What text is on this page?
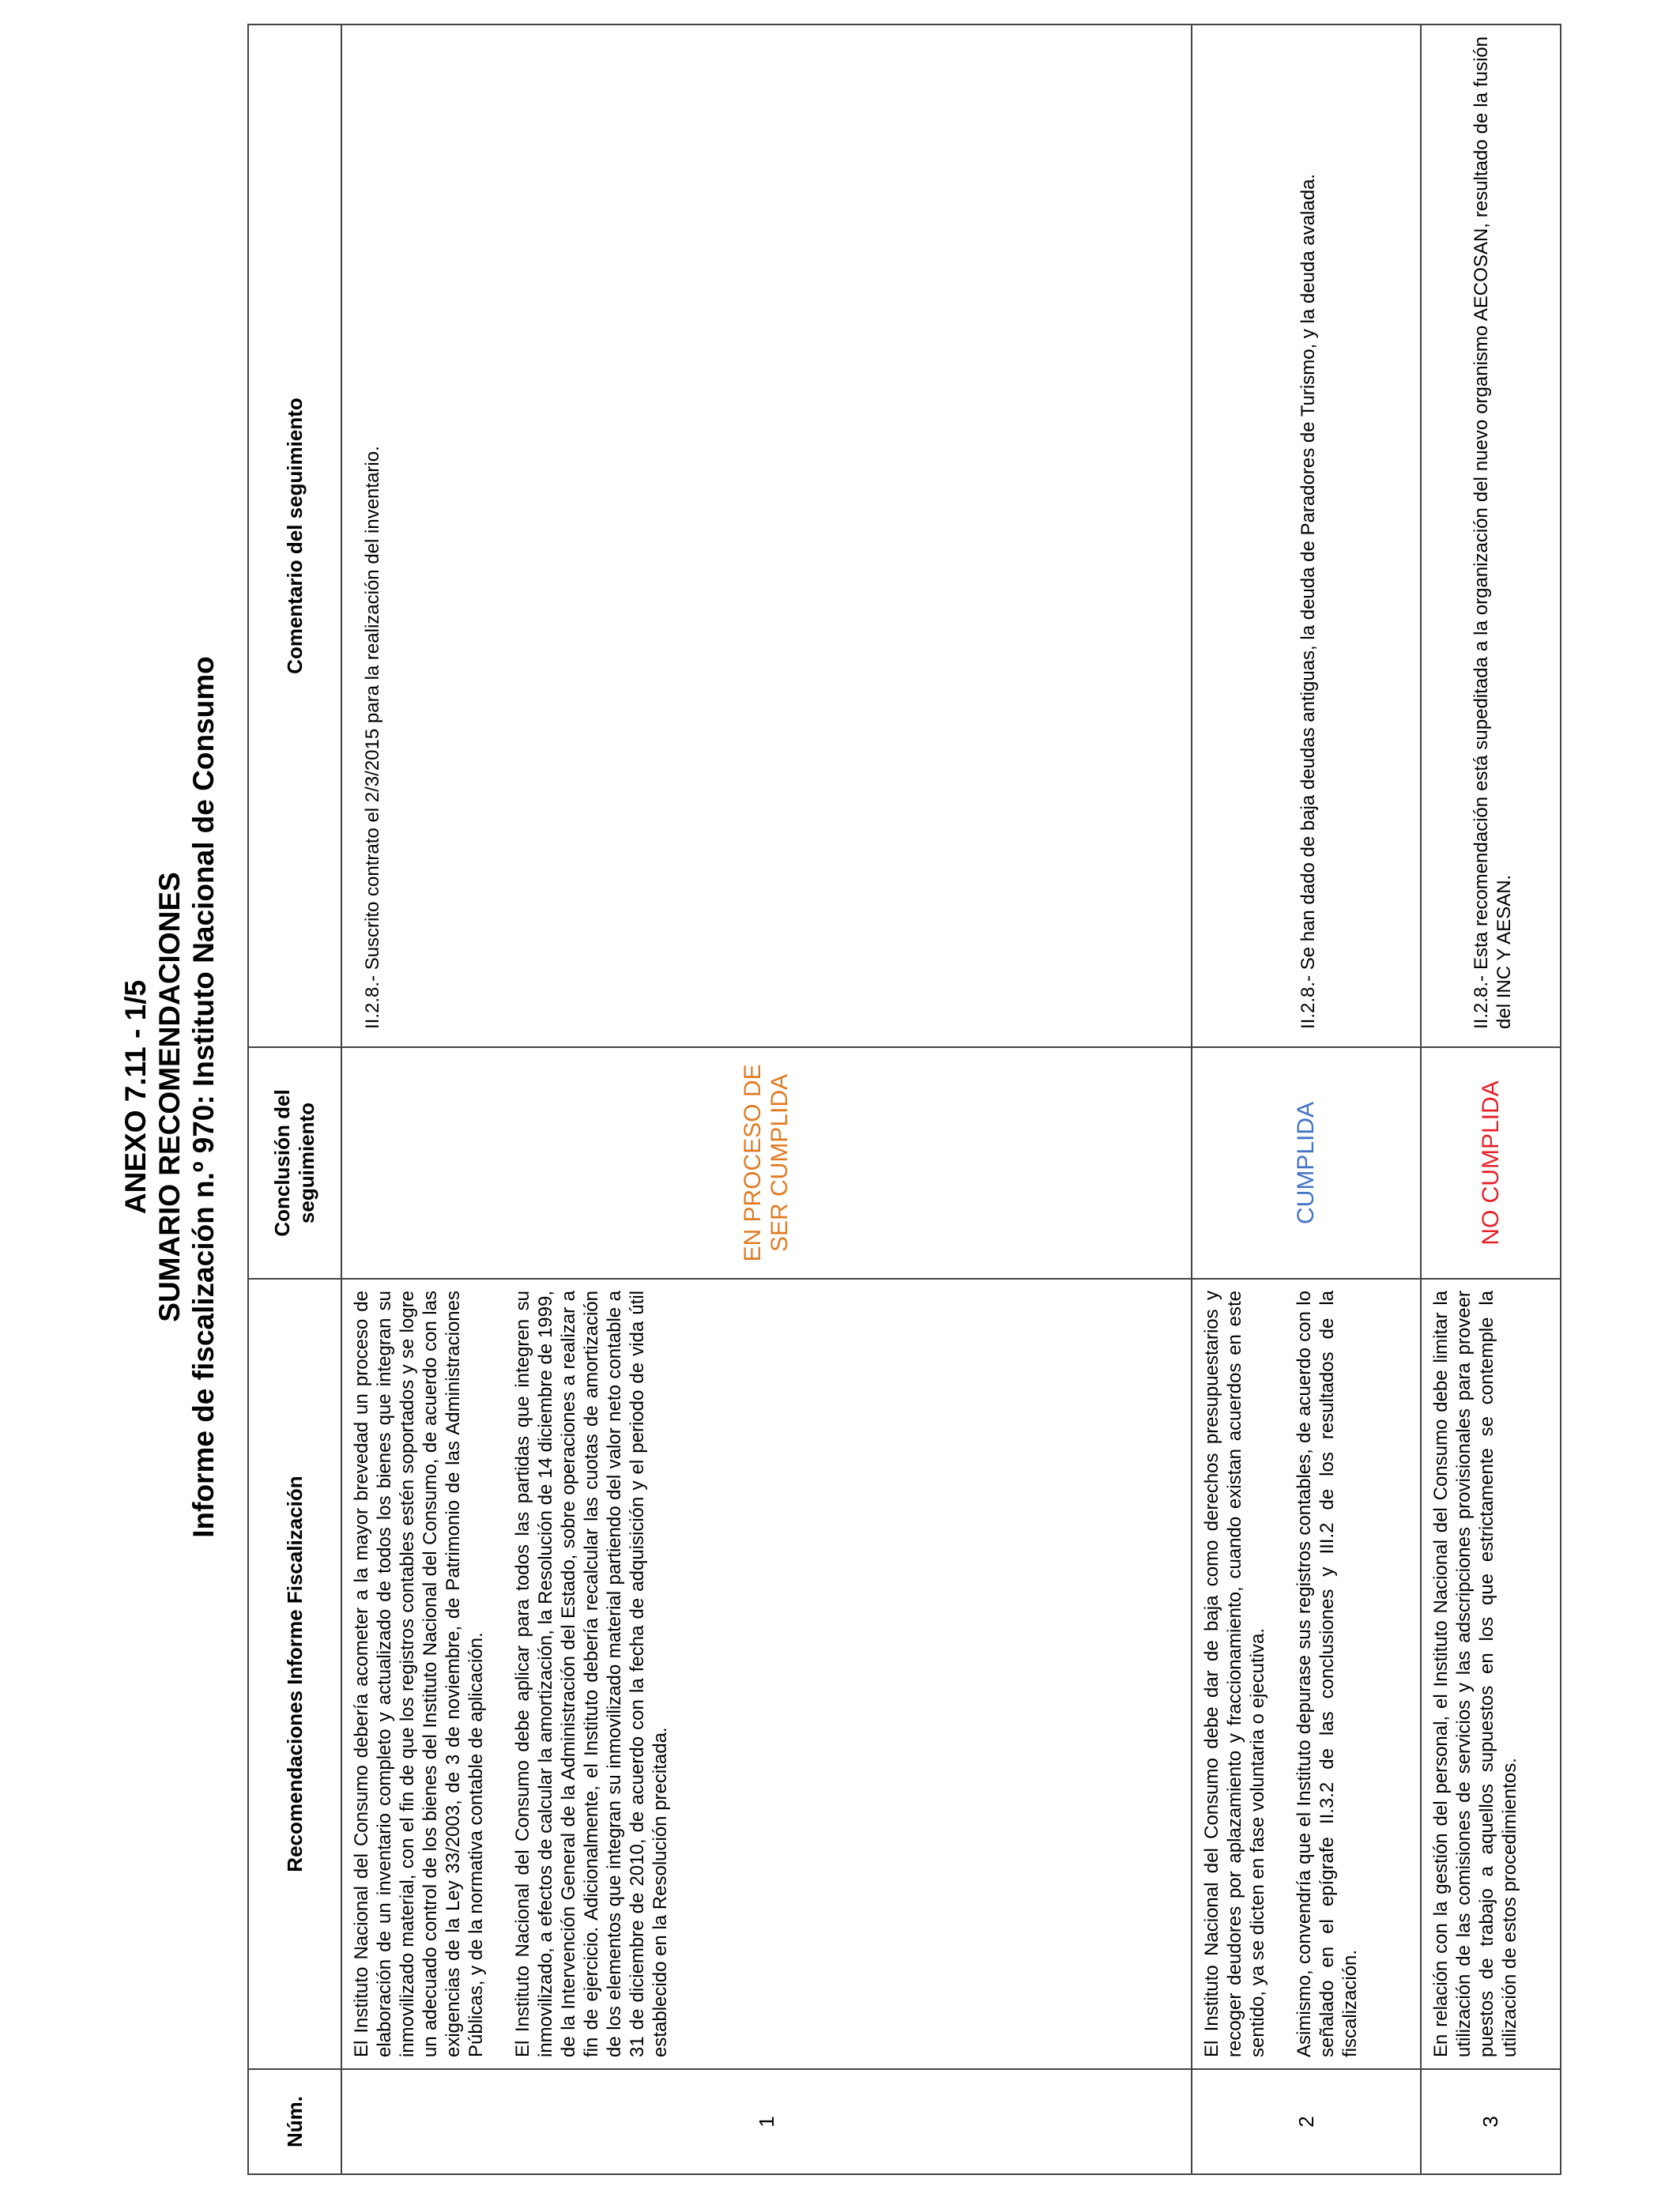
ANEXO 7.11 - 1/5 SUMARIO RECOMENDACIONES Informe de fiscalización n.º 970: Instituto Nacional de Consumo
Núm.	Recomendaciones Informe Fiscalización	Conclusión del seguimiento	Comentario del seguimiento
1	El Instituto Nacional del Consumo debería acometer a la mayor brevedad un proceso de elaboración de un inventario completo y actualizado de todos los bienes que integran su inmovilizado material, con el fin de que los registros contables estén soportados y se logre un adecuado control de los bienes del Instituto Nacional del Consumo, de acuerdo con las exigencias de la Ley 33/2003, de 3 de noviembre, de Patrimonio de las Administraciones Públicas, y de la normativa contable de aplicación. El Instituto Nacional del Consumo debe aplicar para todos las partidas que integren su inmovilizado, a efectos de calcular la amortización, la Resolución de 14 diciembre de 1999, de la Intervención General de la Administración del Estado, sobre operaciones a realizar a fin de ejercicio. Adicionalmente, el Instituto debería recalcular las cuotas de amortización de los elementos que integran su inmovilizado material partiendo del valor neto contable a 31 de diciembre de 2010, de acuerdo con la fecha de adquisición y el periodo de vida útil establecido en la Resolución precitada.	EN PROCESO DE SER CUMPLIDA	II.2.8.- Suscrito contrato el 2/3/2015 para la realización del inventario.
2	El Instituto Nacional del Consumo debe dar de baja como derechos presupuestarios y recoger deudores por aplazamiento y fraccionamiento, cuando existan acuerdos en este sentido, ya se dicten en fase voluntaria o ejecutiva. Asimismo, convendría que el Instituto depurase sus registros contables, de acuerdo con lo señalado en el epígrafe II.3.2 de las conclusiones y III.2 de los resultados de la fiscalización.	CUMPLIDA	II.2.8.- Se han dado de baja deudas antiguas, la deuda de Paradores de Turismo, y la deuda avalada.
3	En relación con la gestión del personal, el Instituto Nacional del Consumo debe limitar la utilización de las comisiones de servicios y las adscripciones provisionales para proveer puestos de trabajo a aquellos supuestos en los que estrictamente se contemple la utilización de estos procedimientos.	NO CUMPLIDA	II.2.8.- Esta recomendación está supeditada a la organización del nuevo organismo AECOSAN, resultado de la fusión del INC Y AESAN.
